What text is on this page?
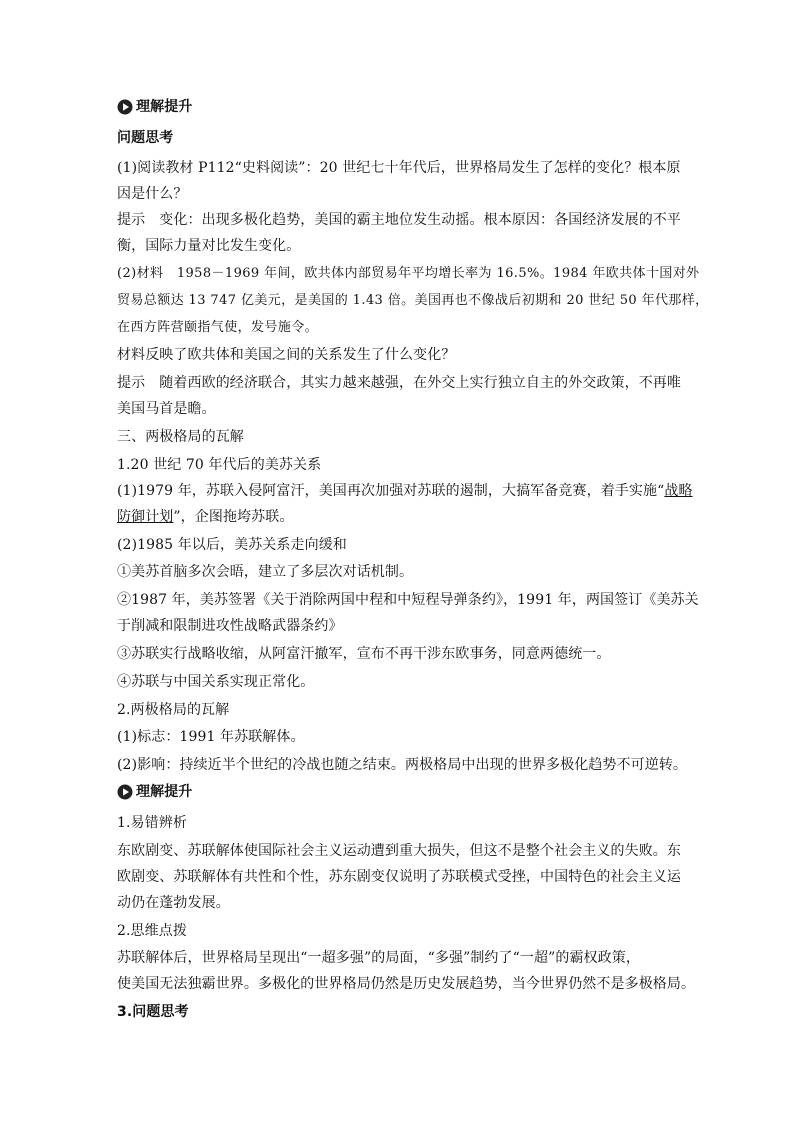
理解提升
问题思考
(1)阅读教材 P112“史料阅读”：20 世纪七十年代后，世界格局发生了怎样的变化？根本原
因是什么？
提示　变化：出现多极化趋势，美国的霸主地位发生动摇。根本原因：各国经济发展的不平
衡，国际力量对比发生变化。
(2)材料　1958－1969 年间，欧共体内部贸易年平均增长率为 16.5%。1984 年欧共体十国对外
贸易总额达 13 747 亿美元，是美国的 1.43 倍。美国再也不像战后初期和 20 世纪 50 年代那样，
在西方阵营颐指气使，发号施令。
材料反映了欧共体和美国之间的关系发生了什么变化？
提示　随着西欧的经济联合，其实力越来越强，在外交上实行独立自主的外交政策，不再唯
美国马首是瞻。
三、两极格局的瓦解
1.20 世纪 70 年代后的美苏关系
(1)1979 年，苏联入侵阿富汗，美国再次加强对苏联的遏制，大搞军备竞赛，着手实施“战略
防御计划”，企图拖垮苏联。
(2)1985 年以后，美苏关系走向缓和
①美苏首脑多次会晤，建立了多层次对话机制。
②1987 年，美苏签署《关于消除两国中程和中短程导弹条约》，1991 年，两国签订《美苏关
于削减和限制进攻性战略武器条约》
③苏联实行战略收缩，从阿富汗撤军，宣布不再干涉东欧事务，同意两德统一。
④苏联与中国关系实现正常化。
2.两极格局的瓦解
(1)标志：1991 年苏联解体。
(2)影响：持续近半个世纪的冷战也随之结束。两极格局中出现的世界多极化趋势不可逆转。
理解提升
1.易错辨析
东欧剧变、苏联解体使国际社会主义运动遭到重大损失，但这不是整个社会主义的失败。东
欧剧变、苏联解体有共性和个性，苏东剧变仅说明了苏联模式受挫，中国特色的社会主义运
动仍在蓬勃发展。
2.思维点拨
苏联解体后，世界格局呈现出“一超多强”的局面，“多强”制约了“一超”的霸权政策，
使美国无法独霸世界。多极化的世界格局仍然是历史发展趋势，当今世界仍然不是多极格局。
3.问题思考
